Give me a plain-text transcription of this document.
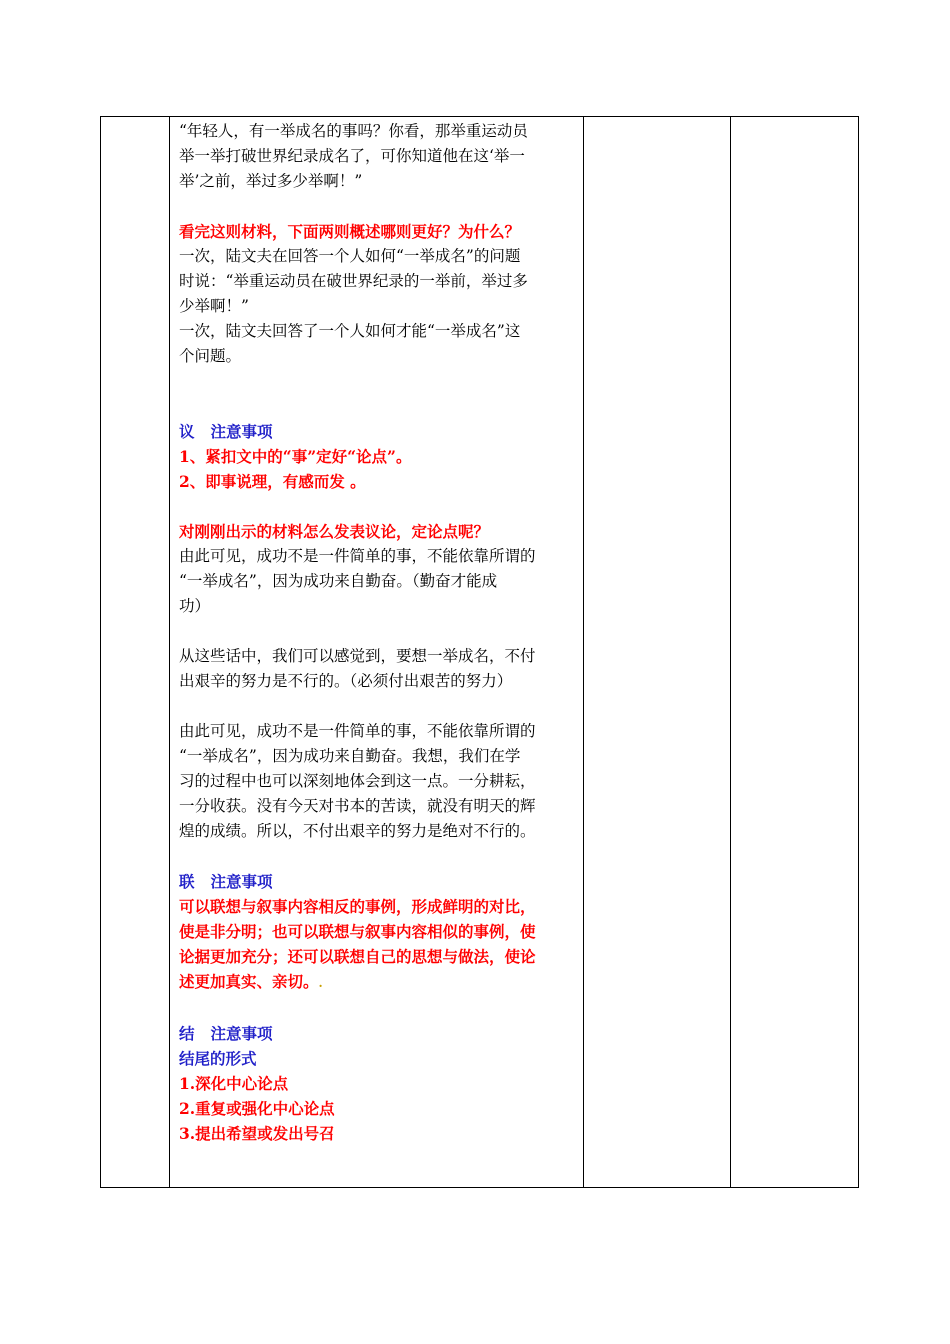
“年轻人，有一举成名的事吗？你看，那举重运动员
举一举打破世界纪录成名了，可你知道他在这‘举一
举’之前，举过多少举啊！”
看完这则材料，下面两则概述哪则更好？为什么？
一次，陆文夫在回答一个人如何“一举成名”的问题
时说：“举重运动员在破世界纪录的一举前，举过多
少举啊！”
一次，陆文夫回答了一个人如何才能“一举成名”这
个问题。
议 注意事项
1、紧扣文中的“事”定好“论点”。
2、即事说理，有感而发 。
对刚刚出示的材料怎么发表议论，定论点呢？
由此可见，成功不是一件简单的事，不能依靠所谓的
“一举成名”，因为成功来自勤奋。（勤奋才能成
功）
从这些话中，我们可以感觉到，要想一举成名，不付
出艰辛的努力是不行的。（必须付出艰苦的努力）
由此可见，成功不是一件简单的事，不能依靠所谓的
“一举成名”，因为成功来自勤奋。我想，我们在学
习的过程中也可以深刻地体会到这一点。一分耕耘，
一分收获。没有今天对书本的苦读，就没有明天的辉
煌的成绩。所以，不付出艰辛的努力是绝对不行的。
联 注意事项
可以联想与叙事内容相反的事例，形成鲜明的对比，
使是非分明；也可以联想与叙事内容相似的事例，使
论据更加充分；还可以联想自己的思想与做法，使论
述更加真实、亲切。.
结 注意事项
结尾的形式
1.深化中心论点
2.重复或强化中心论点
3.提出希望或发出号召
